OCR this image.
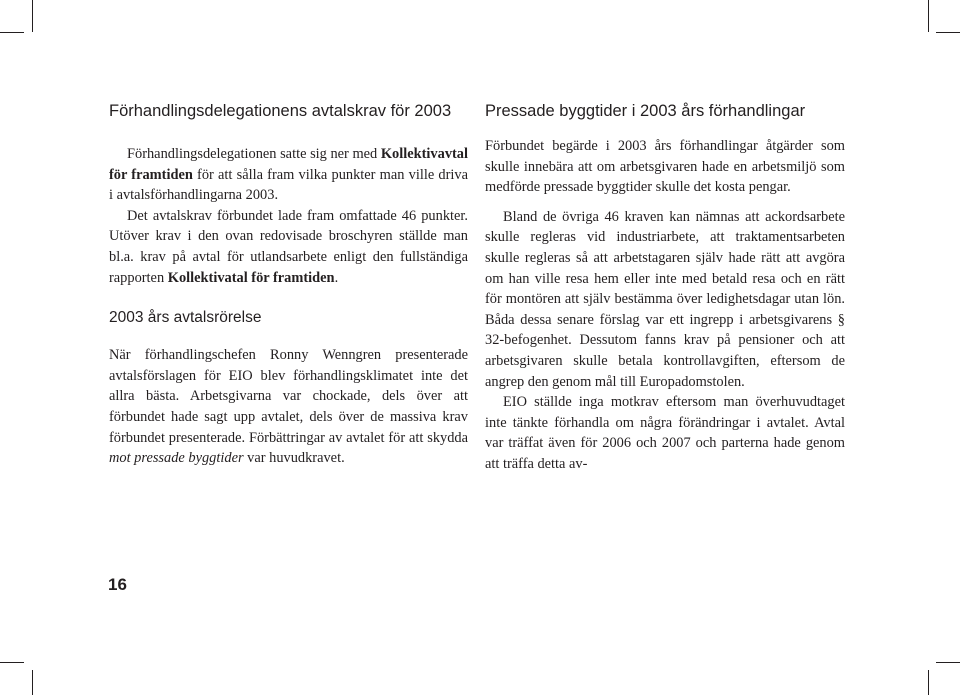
Förhandlingsdelegationens avtalskrav för 2003

Förhandlingsdelegationen satte sig ner med Kollektivavtal för framtiden för att sålla fram vilka punkter man ville driva i avtalsförhandlingarna 2003.

Det avtalskrav förbundet lade fram omfattade 46 punkter. Utöver krav i den ovan redovisade broschyren ställde man bl.a. krav på avtal för utlandsarbete enligt den fullständiga rapporten Kollektivatal för framtiden.

2003 års avtalsrörelse

När förhandlingschefen Ronny Wenngren presenterade avtalsförslagen för EIO blev förhandlingsklimatet inte det allra bästa. Arbetsgivarna var chockade, dels över att förbundet hade sagt upp avtalet, dels över de massiva krav förbundet presenterade. Förbättringar av avtalet för att skydda mot pressade byggtider var huvudkravet.

Pressade byggtider i 2003 års förhandlingar

Förbundet begärde i 2003 års förhandlingar åtgärder som skulle innebära att om arbetsgivaren hade en arbetsmiljö som medförde pressade byggtider skulle det kosta pengar.

Bland de övriga 46 kraven kan nämnas att ackordsarbete skulle regleras vid industriarbete, att traktamentsarbeten skulle regleras så att arbetstagaren själv hade rätt att avgöra om han ville resa hem eller inte med betald resa och en rätt för montören att själv bestämma över ledighetsdagar utan lön. Båda dessa senare förslag var ett ingrepp i arbetsgivarens § 32-befogenhet. Dessutom fanns krav på pensioner och att arbetsgivaren skulle betala kontrollavgiften, eftersom de angrep den genom mål till Europadomstolen.

EIO ställde inga motkrav eftersom man överhuvudtaget inte tänkte förhandla om några förändringar i avtalet. Avtal var träffat även för 2006 och 2007 och parterna hade genom att träffa detta av-

16
